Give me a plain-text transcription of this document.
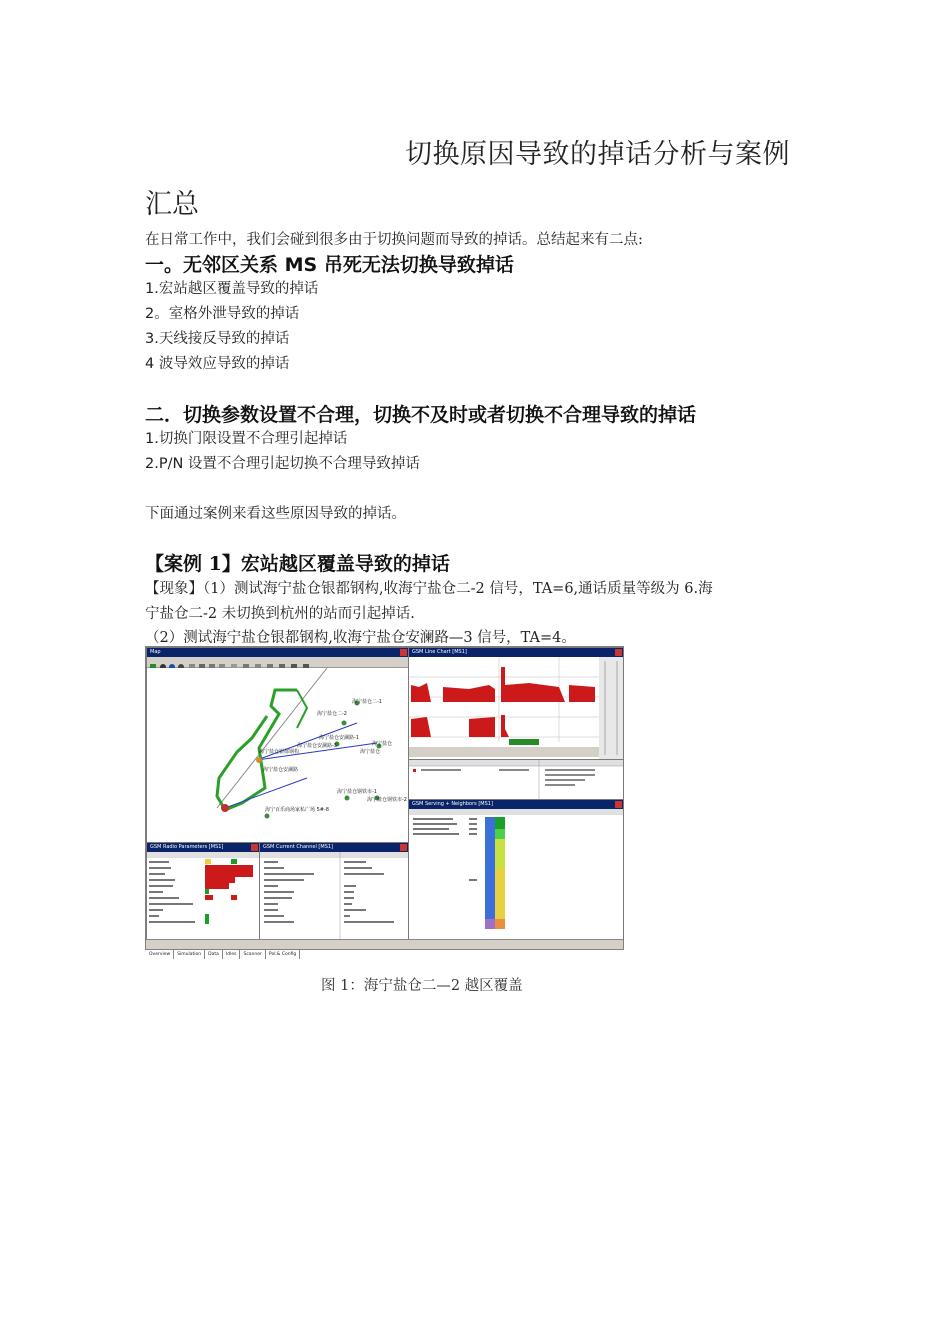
切换原因导致的掉话分析与案例
汇总
在日常工作中，我们会碰到很多由于切换问题而导致的掉话。总结起来有二点:
一。无邻区关系 MS 吊死无法切换导致掉话
1.宏站越区覆盖导致的掉话
2。室格外泄导致的掉话
3.天线接反导致的掉话
4 波导效应导致的掉话
二．切换参数设置不合理，切换不及时或者切换不合理导致的掉话
1.切换门限设置不合理引起掉话
2.P/N 设置不合理引起切换不合理导致掉话
下面通过案例来看这些原因导致的掉话。
【案例 1】宏站越区覆盖导致的掉话
【现象】（1）测试海宁盐仓银都钢构,收海宁盐仓二-2 信号，TA=6,通话质量等级为 6.海
宁盐仓二-2 未切换到杭州的站而引起掉话.
（2）测试海宁盐仓银都钢构,收海宁盐仓安澜路—3 信号，TA=4。
Map
海宁盐仓二-1
海宁盐仓二-2
海宁盐仓安澜路-1
海宁盐仓
海宁盐仓
海宁盐仓安澜路-3
海宁盐仓银都钢构
海宁盐仓安澜路
海宁百乐商场家私广场 5#-8
海宁盐仓钢铁市-1
海宁盐仓钢铁市-2
GSM Line Chart [MS1]
GSM Serving + Neighbors [MS1]
GSM Radio Parameters [MS1]	GSM Current Channel [MS1]
Overview Simulation Data Idles Scanner Pol.& Config
图 1：海宁盐仓二—2 越区覆盖
